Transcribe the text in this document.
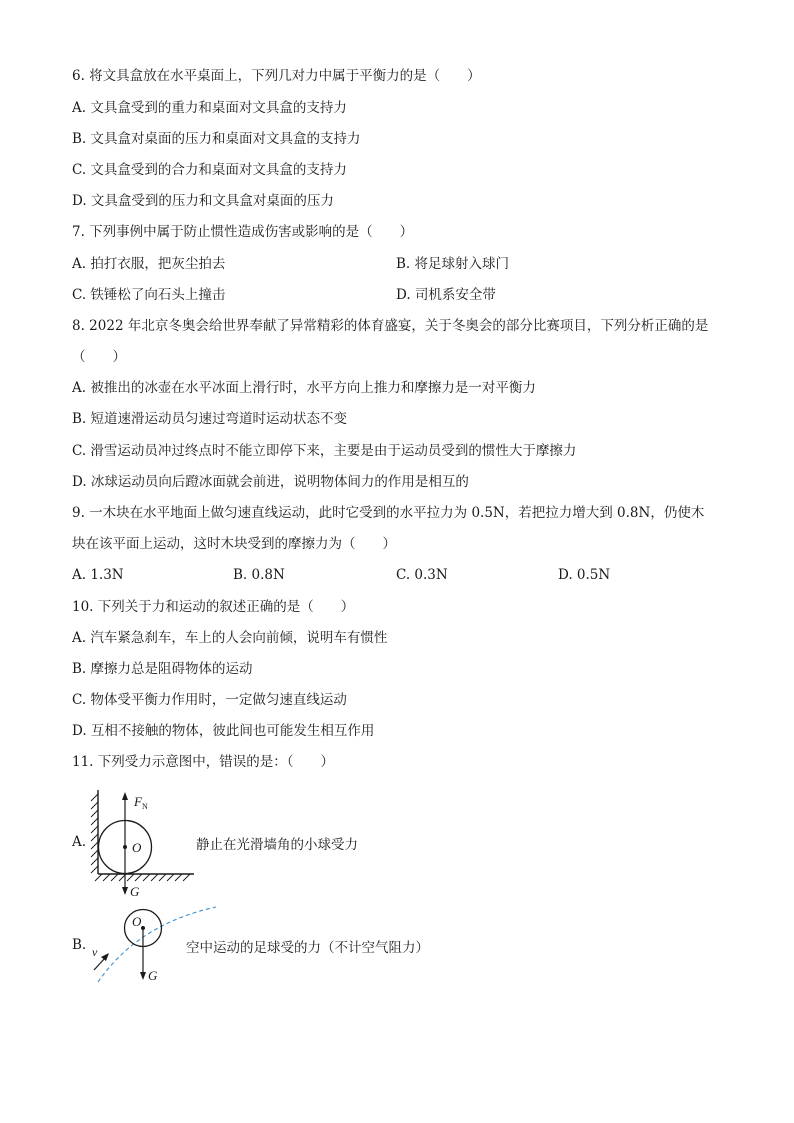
6. 将文具盒放在水平桌面上，下列几对力中属于平衡力的是（　　）
A. 文具盒受到的重力和桌面对文具盒的支持力
B. 文具盒对桌面的压力和桌面对文具盒的支持力
C. 文具盒受到的合力和桌面对文具盒的支持力
D. 文具盒受到的压力和文具盒对桌面的压力
7. 下列事例中属于防止惯性造成伤害或影响的是（　　）
A. 拍打衣服，把灰尘拍去	B. 将足球射入球门
C. 铁锤松了向石头上撞击	D. 司机系安全带
8. 2022 年北京冬奥会给世界奉献了异常精彩的体育盛宴，关于冬奥会的部分比赛项目，下列分析正确的是
（　　）
A. 被推出的冰壶在水平冰面上滑行时，水平方向上推力和摩擦力是一对平衡力
B. 短道速滑运动员匀速过弯道时运动状态不变
C. 滑雪运动员冲过终点时不能立即停下来，主要是由于运动员受到的惯性大于摩擦力
D. 冰球运动员向后蹬冰面就会前进，说明物体间力的作用是相互的
9. 一木块在水平地面上做匀速直线运动，此时它受到的水平拉力为 0.5N，若把拉力增大到 0.8N，仍使木
块在该平面上运动，这时木块受到的摩擦力为（　　）
A. 1.3N	B. 0.8N	C. 0.3N	D. 0.5N
10. 下列关于力和运动的叙述正确的是（　　）
A. 汽车紧急刹车，车上的人会向前倾，说明车有惯性
B. 摩擦力总是阻碍物体的运动
C. 物体受平衡力作用时，一定做匀速直线运动
D. 互相不接触的物体，彼此间也可能发生相互作用
11. 下列受力示意图中，错误的是：（　　）
A.
F N
O
G
静止在光滑墙角的小球受力
B.
O
v
G
空中运动的足球受的力（不计空气阻力）
